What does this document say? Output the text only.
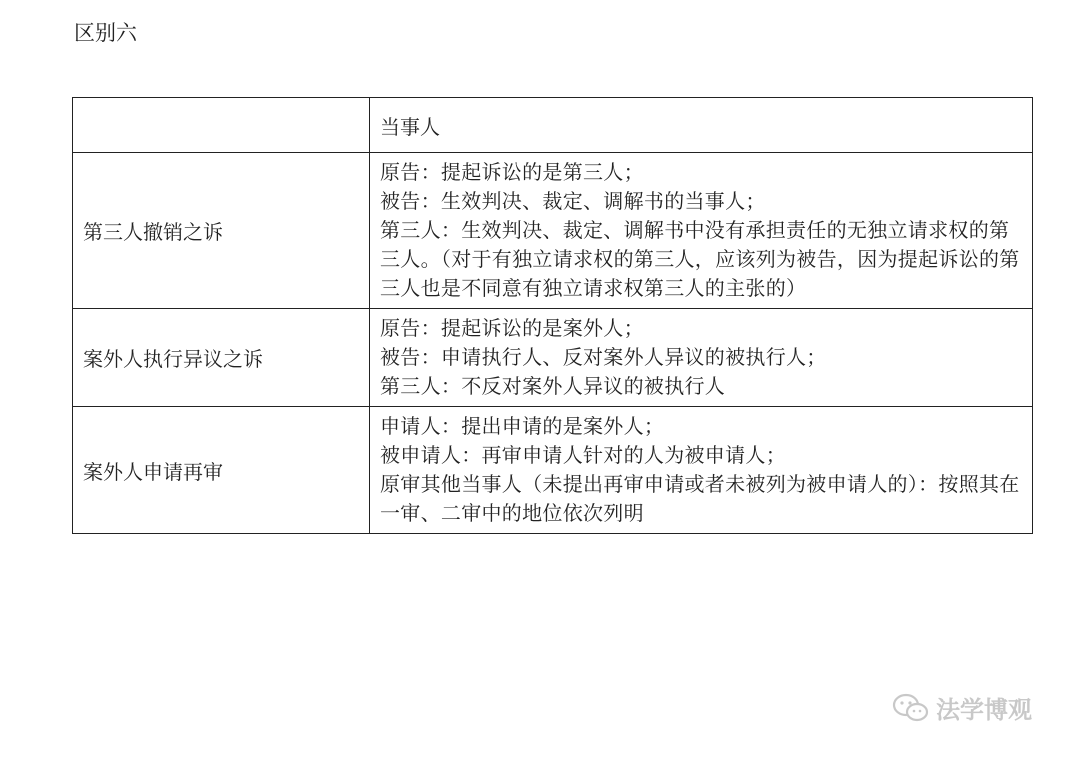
区别六
	当事人
第三人撤销之诉	原告：提起诉讼的是第三人；
被告：生效判决、裁定、调解书的当事人；
第三人：生效判决、裁定、调解书中没有承担责任的无独立请求权的第三人。（对于有独立请求权的第三人，应该列为被告，因为提起诉讼的第三人也是不同意有独立请求权第三人的主张的）

案外人执行异议之诉	原告：提起诉讼的是案外人；
被告：申请执行人、反对案外人异议的被执行人；
第三人：不反对案外人异议的被执行人

案外人申请再审	申请人：提出申请的是案外人；
被申请人：再审申请人针对的人为被申请人；
原审其他当事人（未提出再审申请或者未被列为被申请人的）：按照其在一审、二审中的地位依次列明
法学博观
